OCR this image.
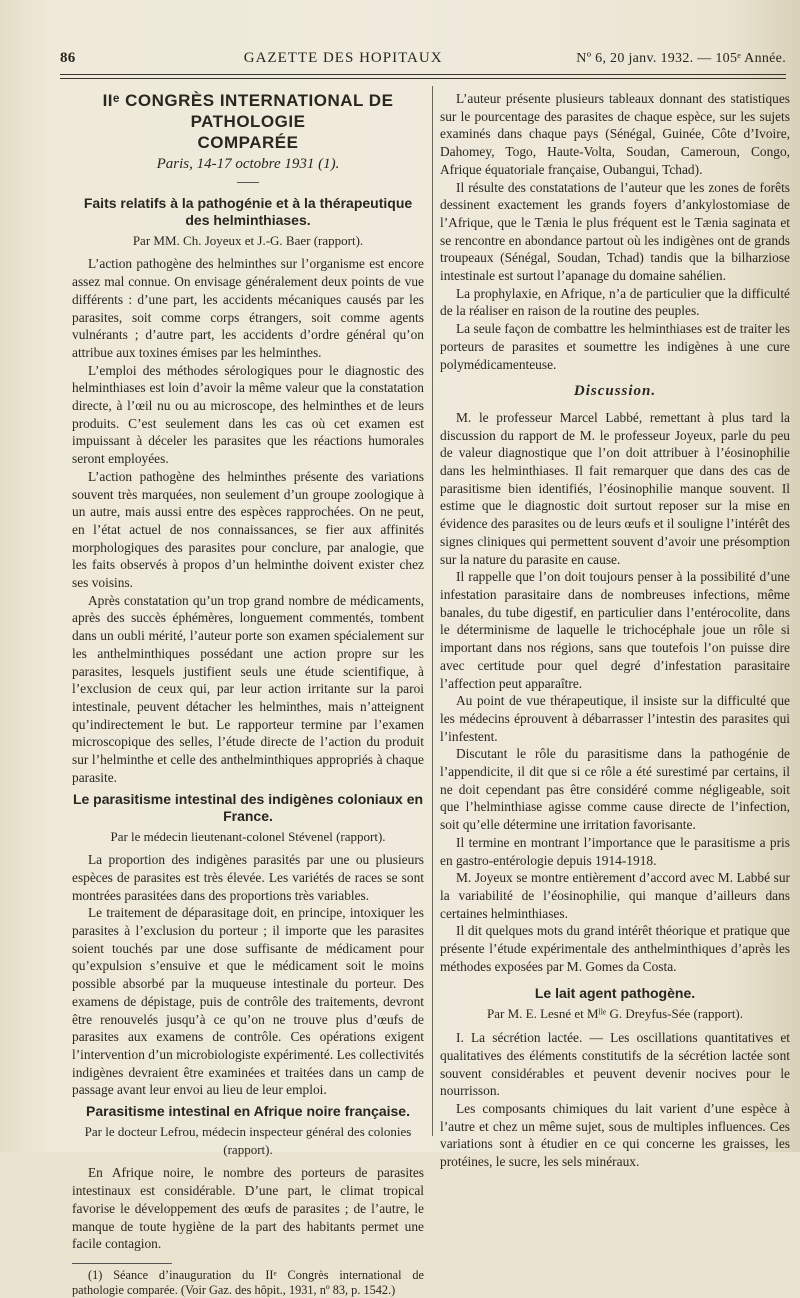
86	GAZETTE DES HOPITAUX	Nº 6, 20 janv. 1932. — 105ᵉ Année.
IIᵉ CONGRÈS INTERNATIONAL DE PATHOLOGIE
COMPARÉE
Paris, 14-17 octobre 1931 (1).
Faits relatifs à la pathogénie et à la thérapeutique des helminthiases.
Par MM. Ch. Joyeux et J.-G. Baer (rapport).

L’action pathogène des helminthes sur l’organisme est encore assez mal connue. On envisage généralement deux points de vue différents : d’une part, les accidents mécaniques causés par les parasites, soit comme corps étrangers, soit comme agents vulnérants ; d’autre part, les accidents d’ordre général qu’on attribue aux toxines émises par les helminthes.

L’emploi des méthodes sérologiques pour le diagnostic des helminthiases est loin d’avoir la même valeur que la constatation directe, à l’œil nu ou au microscope, des helminthes et de leurs produits. C’est seulement dans les cas où cet examen est impuissant à déceler les parasites que les réactions humorales seront employées.

L’action pathogène des helminthes présente des variations souvent très marquées, non seulement d’un groupe zoologique à un autre, mais aussi entre des espèces rapprochées. On ne peut, en l’état actuel de nos connaissances, se fier aux affinités morphologiques des parasites pour conclure, par analogie, que les faits observés à propos d’un helminthe doivent exister chez ses voisins.

Après constatation qu’un trop grand nombre de médicaments, après des succès éphémères, longuement commentés, tombent dans un oubli mérité, l’auteur porte son examen spécialement sur les anthelminthiques possédant une action propre sur les parasites, lesquels justifient seuls une étude scientifique, à l’exclusion de ceux qui, par leur action irritante sur la paroi intestinale, peuvent détacher les helminthes, mais n’atteignent qu’indirectement le but. Le rapporteur termine par l’examen microscopique des selles, l’étude directe de l’action du produit sur l’helminthe et celle des anthelminthiques appropriés à chaque parasite.

Le parasitisme intestinal des indigènes coloniaux en France.
Par le médecin lieutenant-colonel Stévenel (rapport).

La proportion des indigènes parasités par une ou plusieurs espèces de parasites est très élevée. Les variétés de races se sont montrées parasitées dans des proportions très variables.

Le traitement de déparasitage doit, en principe, intoxiquer les parasites à l’exclusion du porteur ; il importe que les parasites soient touchés par une dose suffisante de médicament pour qu’expulsion s’ensuive et que le médicament soit le moins possible absorbé par la muqueuse intestinale du porteur. Des examens de dépistage, puis de contrôle des traitements, devront être renouvelés jusqu’à ce qu’on ne trouve plus d’œufs de parasites aux examens de contrôle. Ces opérations exigent l’intervention d’un microbiologiste expérimenté. Les collectivités indigènes devraient être examinées et traitées dans un camp de passage avant leur envoi au lieu de leur emploi.

Parasitisme intestinal en Afrique noire française.
Par le docteur Lefrou, médecin inspecteur général des colonies (rapport).

En Afrique noire, le nombre des porteurs de parasites intestinaux est considérable. D’une part, le climat tropical favorise le développement des œufs de parasites ; de l’autre, le manque de toute hygiène de la part des habitants permet une facile contagion.

(1) Séance d’inauguration du IIᵉ Congrès international de pathologie comparée. (Voir Gaz. des hôpit., 1931, nº 83, p. 1542.)

L’auteur présente plusieurs tableaux donnant des statistiques sur le pourcentage des parasites de chaque espèce, sur les sujets examinés dans chaque pays (Sénégal, Guinée, Côte d’Ivoire, Dahomey, Togo, Haute-Volta, Soudan, Cameroun, Congo, Afrique équatoriale française, Oubangui, Tchad).

Il résulte des constatations de l’auteur que les zones de forêts dessinent exactement les grands foyers d’ankylostomiase de l’Afrique, que le Tænia le plus fréquent est le Tænia saginata et se rencontre en abondance partout où les indigènes ont de grands troupeaux (Sénégal, Soudan, Tchad) tandis que la bilharziose intestinale est surtout l’apanage du domaine sahélien.

La prophylaxie, en Afrique, n’a de particulier que la difficulté de la réaliser en raison de la routine des peuples.

La seule façon de combattre les helminthiases est de traiter les porteurs de parasites et soumettre les indigènes à une cure polymédicamenteuse.

Discussion.

M. le professeur Marcel Labbé, remettant à plus tard la discussion du rapport de M. le professeur Joyeux, parle du peu de valeur diagnostique que l’on doit attribuer à l’éosinophilie dans les helminthiases. Il fait remarquer que dans des cas de parasitisme bien identifiés, l’éosinophilie manque souvent. Il estime que le diagnostic doit surtout reposer sur la mise en évidence des parasites ou de leurs œufs et il souligne l’intérêt des signes cliniques qui permettent souvent d’avoir une présomption sur la nature du parasite en cause.

Il rappelle que l’on doit toujours penser à la possibilité d’une infestation parasitaire dans de nombreuses infections, même banales, du tube digestif, en particulier dans l’entérocolite, dans le déterminisme de laquelle le trichocéphale joue un rôle si important dans nos régions, sans que toutefois l’on puisse dire avec certitude pour quel degré d’infestation parasitaire l’affection peut apparaître.

Au point de vue thérapeutique, il insiste sur la difficulté que les médecins éprouvent à débarrasser l’intestin des parasites qui l’infestent.

Discutant le rôle du parasitisme dans la pathogénie de l’appendicite, il dit que si ce rôle a été surestimé par certains, il ne doit cependant pas être considéré comme négligeable, soit que l’helminthiase agisse comme cause directe de l’infection, soit qu’elle détermine une irritation favorisante.

Il termine en montrant l’importance que le parasitisme a pris en gastro-entérologie depuis 1914-1918.

M. Joyeux se montre entièrement d’accord avec M. Labbé sur la variabilité de l’éosinophilie, qui manque d’ailleurs dans certaines helminthiases.

Il dit quelques mots du grand intérêt théorique et pratique que présente l’étude expérimentale des anthelminthiques d’après les méthodes exposées par M. Gomes da Costa.

Le lait agent pathogène.
Par M. E. Lesné et Mˡˡᵉ G. Dreyfus-Sée (rapport).

I. La sécrétion lactée. — Les oscillations quantitatives et qualitatives des éléments constitutifs de la sécrétion lactée sont souvent considérables et peuvent devenir nocives pour le nourrisson.

Les composants chimiques du lait varient d’une espèce à l’autre et chez un même sujet, sous de multiples influences. Ces variations sont à étudier en ce qui concerne les graisses, les protéines, le sucre, les sels minéraux.
